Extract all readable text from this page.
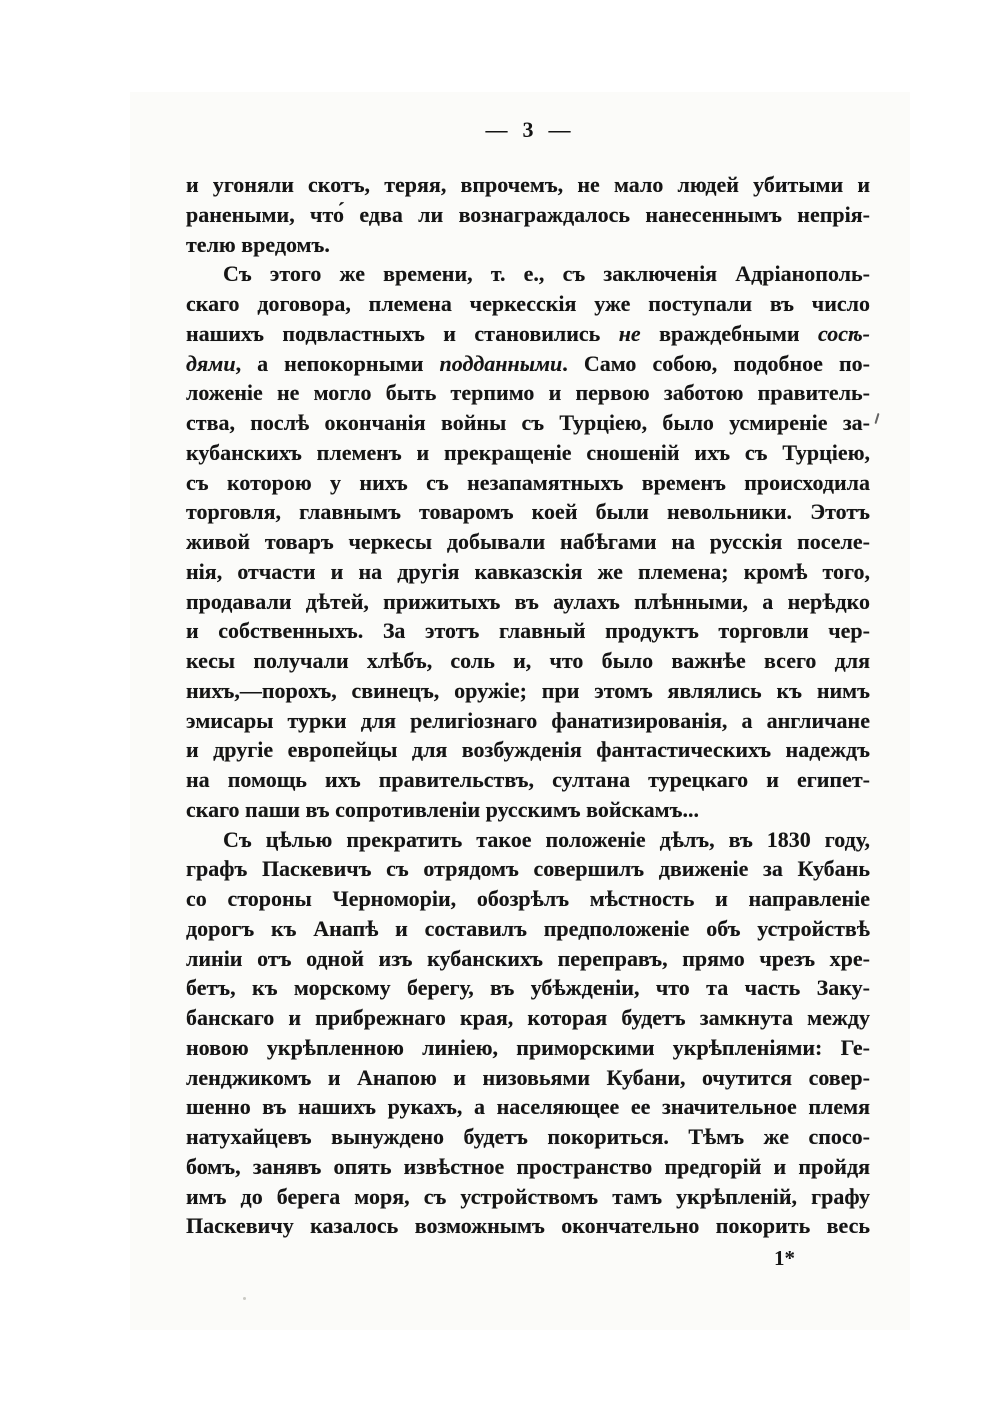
— 3 —
и угоняли скотъ, теряя, впрочемъ, не мало людей убитыми и
ранеными, что́ едва ли вознаграждалось нанесеннымъ непрія-
телю вредомъ.
Съ этого же времени, т. е., съ заключенія Адріанополь-
скаго договора, племена черкесскія уже поступали въ число
нашихъ подвластныхъ и становились не враждебными сосѣ-
дями, а непокорными подданными. Само собою, подобное по-
ложеніе не могло быть терпимо и первою заботою правитель-
ства, послѣ окончанія войны съ Турціею, было усмиреніе за-
кубанскихъ племенъ и прекращеніе сношеній ихъ съ Турціею,
съ которою у нихъ съ незапамятныхъ временъ происходила
торговля, главнымъ товаромъ коей были невольники. Этотъ
живой товаръ черкесы добывали набѣгами на русскія поселе-
нія, отчасти и на другія кавказскія же племена; кромѣ того,
продавали дѣтей, прижитыхъ въ аулахъ плѣнными, а нерѣдко
и собственныхъ. За этотъ главный продуктъ торговли чер-
кесы получали хлѣбъ, соль и, что было важнѣе всего для
нихъ,—порохъ, свинецъ, оружіе; при этомъ являлись къ нимъ
эмисары турки для религіознаго фанатизированія, а англичане
и другіе европейцы для возбужденія фантастическихъ надеждъ
на помощь ихъ правительствъ, султана турецкаго и египет-
скаго паши въ сопротивленіи русскимъ войскамъ...
Съ цѣлью прекратить такое положеніе дѣлъ, въ 1830 году,
графъ Паскевичъ съ отрядомъ совершилъ движеніе за Кубань
со стороны Черноморіи, обозрѣлъ мѣстность и направленіе
дорогъ къ Анапѣ и составилъ предположеніе объ устройствѣ
линіи отъ одной изъ кубанскихъ переправъ, прямо чрезъ хре-
бетъ, къ морскому берегу, въ убѣжденіи, что та часть Заку-
банскаго и прибрежнаго края, которая будетъ замкнута между
новою укрѣпленною линіею, приморскими укрѣпленіями: Ге-
ленджикомъ и Анапою и низовьями Кубани, очутится совер-
шенно въ нашихъ рукахъ, а населяющее ее значительное племя
натухайцевъ вынуждено будетъ покориться. Тѣмъ же спосо-
бомъ, занявъ опять извѣстное пространство предгорій и пройдя
имъ до берега моря, съ устройствомъ тамъ укрѣпленій, графу
Паскевичу казалось возможнымъ окончательно покорить весь
1*
